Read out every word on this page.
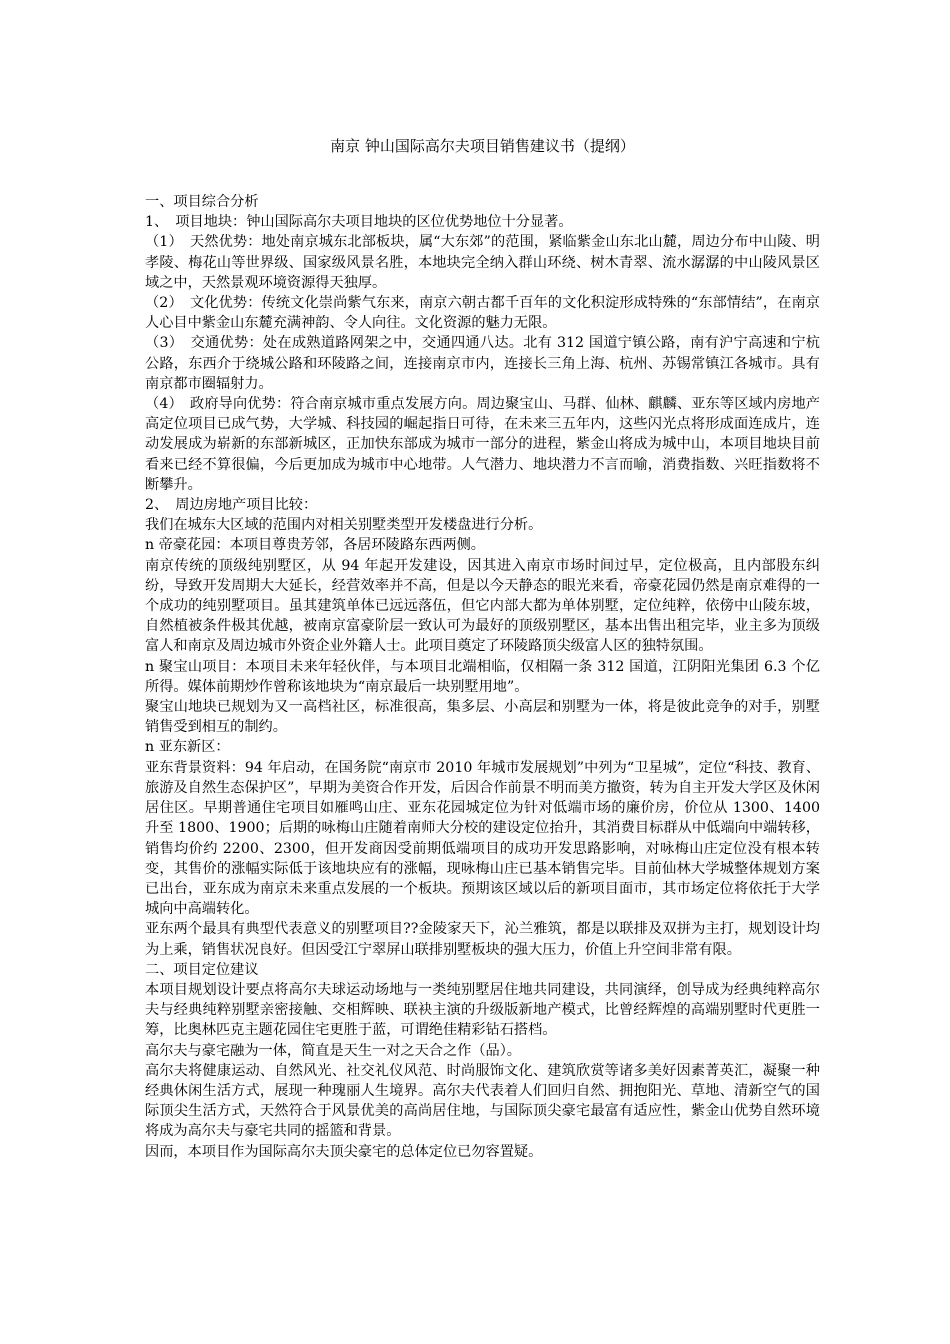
南京 钟山国际高尔夫项目销售建议书（提纲）

一、项目综合分析

1、　项目地块：钟山国际高尔夫项目地块的区位优势地位十分显著。

（1）　天然优势：地处南京城东北部板块，属“大东郊”的范围，紧临紫金山东北山麓，周边分布中山陵、明孝陵、梅花山等世界级、国家级风景名胜，本地块完全纳入群山环绕、树木青翠、流水潺潺的中山陵风景区域之中，天然景观环境资源得天独厚。

（2）　文化优势：传统文化崇尚紫气东来，南京六朝古都千百年的文化积淀形成特殊的“东部情结”，在南京人心目中紫金山东麓充满神韵、令人向往。文化资源的魅力无限。

（3）　交通优势：处在成熟道路网架之中，交通四通八达。北有 312 国道宁镇公路，南有沪宁高速和宁杭公路，东西介于绕城公路和环陵路之间，连接南京市内，连接长三角上海、杭州、苏锡常镇江各城市。具有南京都市圈辐射力。

（4）　政府导向优势：符合南京城市重点发展方向。周边聚宝山、马群、仙林、麒麟、亚东等区域内房地产高定位项目已成气势，大学城、科技园的崛起指日可待，在未来三五年内，这些闪光点将形成面连成片，连动发展成为崭新的东部新城区，正加快东部成为城市一部分的进程，紫金山将成为城中山，本项目地块目前看来已经不算很偏，今后更加成为城市中心地带。人气潜力、地块潜力不言而喻，消费指数、兴旺指数将不断攀升。

2、　周边房地产项目比较：

我们在城东大区域的范围内对相关别墅类型开发楼盘进行分析。

n 帝豪花园：本项目尊贵芳邻，各居环陵路东西两侧。

南京传统的顶级纯别墅区，从 94 年起开发建设，因其进入南京市场时间过早，定位极高，且内部股东纠纷，导致开发周期大大延长，经营效率并不高，但是以今天静态的眼光来看，帝豪花园仍然是南京难得的一个成功的纯别墅项目。虽其建筑单体已远远落伍，但它内部大都为单体别墅，定位纯粹，依傍中山陵东坡，自然植被条件极其优越，被南京富豪阶层一致认可为最好的顶级别墅区，基本出售出租完毕，业主多为顶级富人和南京及周边城市外资企业外籍人士。此项目奠定了环陵路顶尖级富人区的独特氛围。

n 聚宝山项目：本项目未来年轻伙伴，与本项目北端相临，仅相隔一条 312 国道，江阴阳光集团 6.3 个亿所得。媒体前期炒作曾称该地块为“南京最后一块别墅用地”。

聚宝山地块已规划为又一高档社区，标准很高，集多层、小高层和别墅为一体，将是彼此竞争的对手，别墅销售受到相互的制约。

n 亚东新区：

亚东背景资料：94 年启动，在国务院“南京市 2010 年城市发展规划”中列为“卫星城”，定位“科技、教育、旅游及自然生态保护区”，早期为美资合作开发，后因合作前景不明而美方撤资，转为自主开发大学区及休闲居住区。早期普通住宅项目如雁鸣山庄、亚东花园城定位为针对低端市场的廉价房，价位从 1300、1400 升至 1800、1900；后期的咏梅山庄随着南师大分校的建设定位抬升，其消费目标群从中低端向中端转移，销售均价约 2200、2300，但开发商因受前期低端项目的成功开发思路影响，对咏梅山庄定位没有根本转变，其售价的涨幅实际低于该地块应有的涨幅，现咏梅山庄已基本销售完毕。目前仙林大学城整体规划方案已出台，亚东成为南京未来重点发展的一个板块。预期该区域以后的新项目面市，其市场定位将依托于大学城向中高端转化。

亚东两个最具有典型代表意义的别墅项目??金陵家天下，沁兰雅筑，都是以联排及双拼为主打，规划设计均为上乘，销售状况良好。但因受江宁翠屏山联排别墅板块的强大压力，价值上升空间非常有限。

二、项目定位建议

本项目规划设计要点将高尔夫球运动场地与一类纯别墅居住地共同建设，共同演绎，创导成为经典纯粹高尔夫与经典纯粹别墅亲密接触、交相辉映、联袂主演的升级版新地产模式，比曾经辉煌的高端别墅时代更胜一筹，比奥林匹克主题花园住宅更胜于蓝，可谓绝佳精彩钻石搭档。

高尔夫与豪宅融为一体，简直是天生一对之天合之作（品）。

高尔夫将健康运动、自然风光、社交礼仪风范、时尚服饰文化、建筑欣赏等诸多美好因素菁英汇，凝聚一种经典休闲生活方式，展现一种瑰丽人生境界。高尔夫代表着人们回归自然、拥抱阳光、草地、清新空气的国际顶尖生活方式，天然符合于风景优美的高尚居住地，与国际顶尖豪宅最富有适应性，紫金山优势自然环境将成为高尔夫与豪宅共同的摇篮和背景。

因而，本项目作为国际高尔夫顶尖豪宅的总体定位已勿容置疑。
